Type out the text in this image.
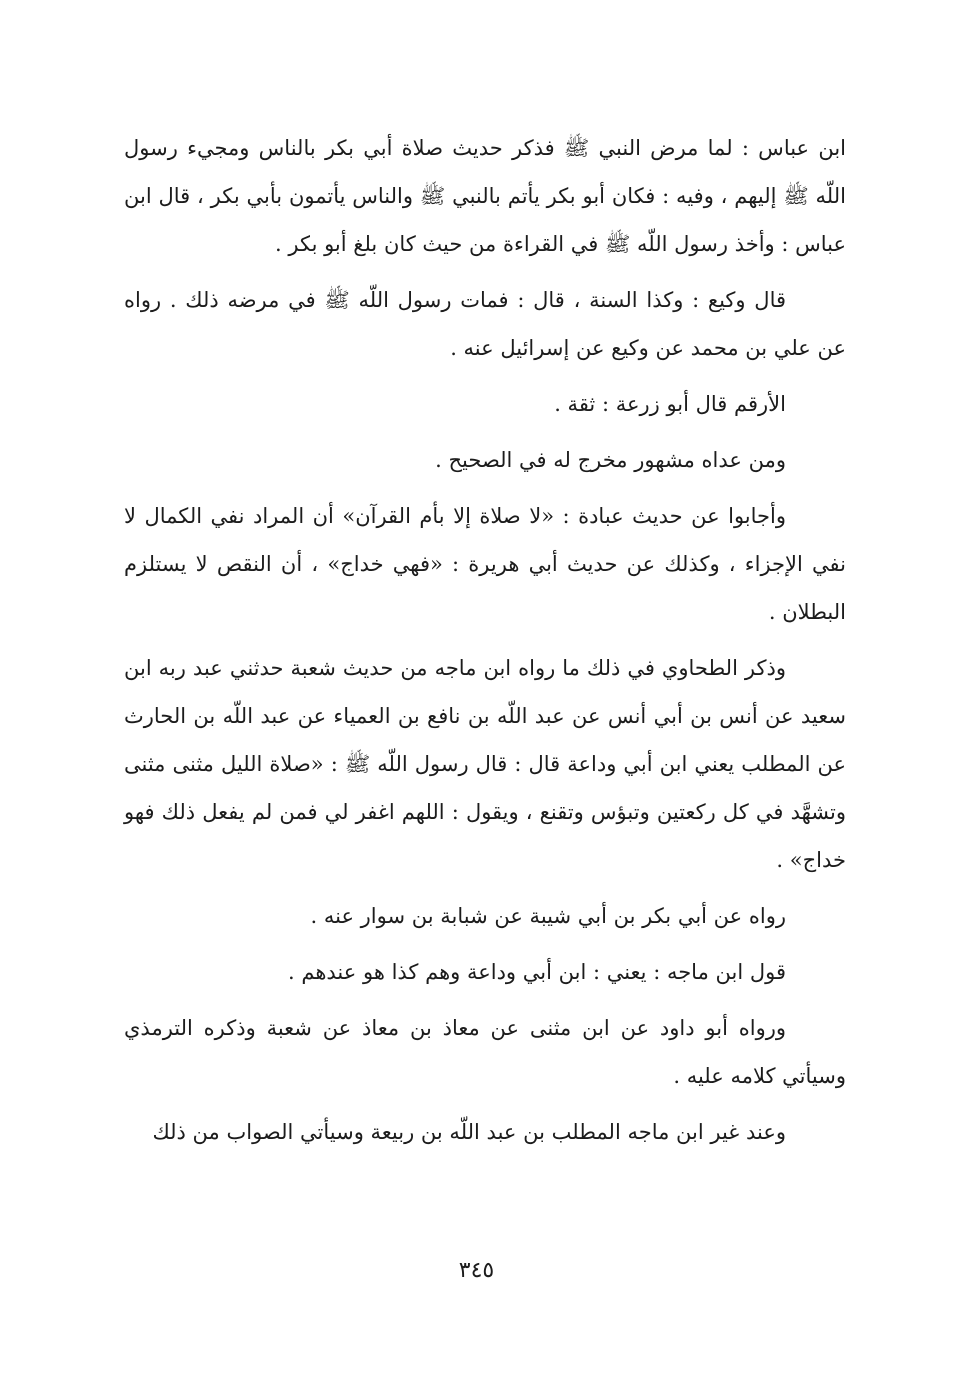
ابن عباس : لما مرض النبي ﷺ فذكر حديث صلاة أبي بكر بالناس ومجيء رسول اللّه ﷺ إليهم ، وفيه : فكان أبو بكر يأتم بالنبي ﷺ والناس يأتمون بأبي بكر ، قال ابن عباس : وأخذ رسول اللّه ﷺ في القراءة من حيث كان بلغ أبو بكر .

قال وكيع : وكذا السنة ، قال : فمات رسول اللّه ﷺ في مرضه ذلك . رواه عن علي بن محمد عن وكيع عن إسرائيل عنه .

الأرقم قال أبو زرعة : ثقة .

ومن عداه مشهور مخرج له في الصحيح .

وأجابوا عن حديث عبادة : «لا صلاة إلا بأم القرآن» أن المراد نفي الكمال لا نفي الإجزاء ، وكذلك عن حديث أبي هريرة : «فهي خداج» ، أن النقص لا يستلزم البطلان .

وذكر الطحاوي في ذلك ما رواه ابن ماجه من حديث شعبة حدثني عبد ربه ابن سعيد عن أنس بن أبي أنس عن عبد اللّه بن نافع بن العمياء عن عبد اللّه بن الحارث عن المطلب يعني ابن أبي وداعة قال : قال رسول اللّه ﷺ : «صلاة الليل مثنى مثنى وتشهَّد في كل ركعتين وتبؤس وتقنع ، ويقول : اللهم اغفر لي فمن لم يفعل ذلك فهو خداج» .

رواه عن أبي بكر بن أبي شيبة عن شبابة بن سوار عنه .

قول ابن ماجه : يعني : ابن أبي وداعة وهم كذا هو عندهم .

ورواه أبو داود عن ابن مثنى عن معاذ بن معاذ عن شعبة وذكره الترمذي وسيأتي كلامه عليه .

وعند غير ابن ماجه المطلب بن عبد اللّه بن ربيعة وسيأتي الصواب من ذلك

٣٤٥
